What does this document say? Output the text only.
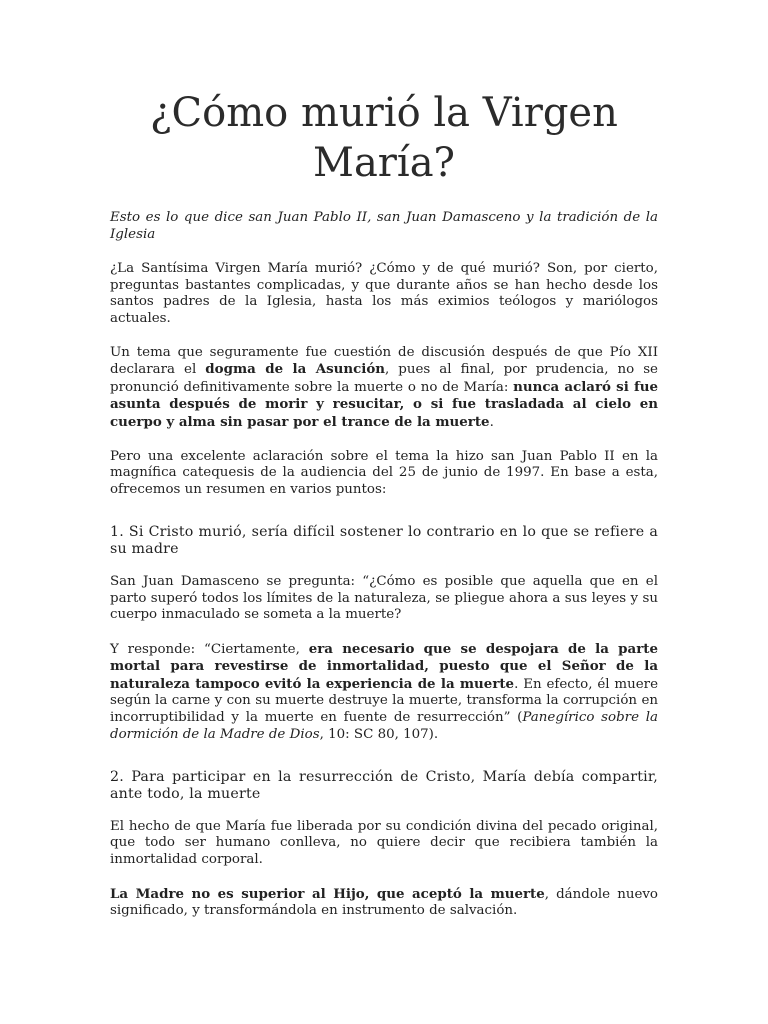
¿Cómo murió la Virgen María?

Esto es lo que dice san Juan Pablo II, san Juan Damasceno y la tradición de la Iglesia

¿La Santísima Virgen María murió? ¿Cómo y de qué murió? Son, por cierto, preguntas bastantes complicadas, y que durante años se han hecho desde los santos padres de la Iglesia, hasta los más eximios teólogos y mariólogos actuales.

Un tema que seguramente fue cuestión de discusión después de que Pío XII declarara el dogma de la Asunción, pues al final, por prudencia, no se pronunció definitivamente sobre la muerte o no de María: nunca aclaró si fue asunta después de morir y resucitar, o si fue trasladada al cielo en cuerpo y alma sin pasar por el trance de la muerte.

Pero una excelente aclaración sobre el tema la hizo san Juan Pablo II en la magnífica catequesis de la audiencia del 25 de junio de 1997. En base a esta, ofrecemos un resumen en varios puntos:

1. Si Cristo murió, sería difícil sostener lo contrario en lo que se refiere a su madre

San Juan Damasceno se pregunta: “¿Cómo es posible que aquella que en el parto superó todos los límites de la naturaleza, se pliegue ahora a sus leyes y su cuerpo inmaculado se someta a la muerte?

Y responde: “Ciertamente, era necesario que se despojara de la parte mortal para revestirse de inmortalidad, puesto que el Señor de la naturaleza tampoco evitó la experiencia de la muerte. En efecto, él muere según la carne y con su muerte destruye la muerte, transforma la corrupción en incorruptibilidad y la muerte en fuente de resurrección” (Panegírico sobre la dormición de la Madre de Dios, 10: SC 80, 107).

2. Para participar en la resurrección de Cristo, María debía compartir, ante todo, la muerte

El hecho de que María fue liberada por su condición divina del pecado original, que todo ser humano conlleva, no quiere decir que recibiera también la inmortalidad corporal.

La Madre no es superior al Hijo, que aceptó la muerte, dándole nuevo significado, y transformándola en instrumento de salvación.
